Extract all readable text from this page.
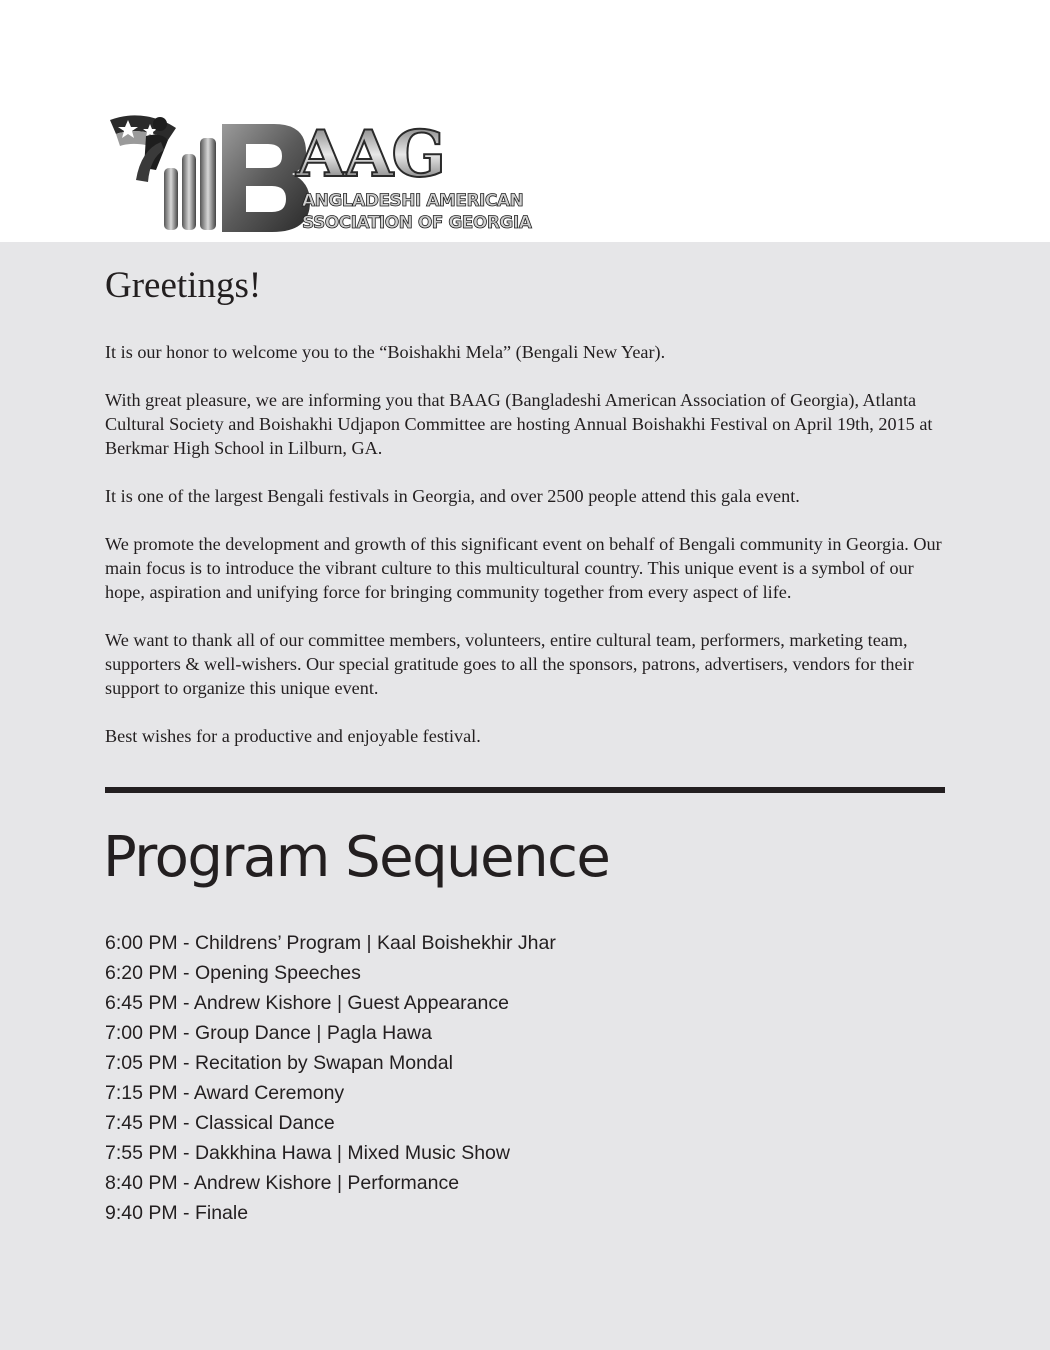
AAG
ANGLADESHI AMERICAN
SSOCIATION OF GEORGIA
Greetings!

It is our honor to welcome you to the “Boishakhi Mela” (Bengali New Year).

With great pleasure, we are informing you that BAAG (Bangladeshi American Association of Georgia), Atlanta Cultural Society and Boishakhi Udjapon Committee are hosting Annual Boishakhi Festival on April 19th, 2015 at Berkmar High School in Lilburn, GA.

It is one of the largest Bengali festivals in Georgia, and over 2500 people attend this gala event.

We promote the development and growth of this significant event on behalf of Bengali community in Georgia. Our main focus is to introduce the vibrant culture to this multicultural country. This unique event is a symbol of our hope, aspiration and unifying force for bringing community together from every aspect of life.

We want to thank all of our committee members, volunteers, entire cultural team, performers, marketing team, supporters & well-wishers. Our special gratitude goes to all the sponsors, patrons, advertisers, vendors for their support to organize this unique event.

Best wishes for a productive and enjoyable festival.

Program Sequence
6:00 PM - Childrens’ Program | Kaal Boishekhir Jhar
6:20 PM - Opening Speeches
6:45 PM - Andrew Kishore | Guest Appearance
7:00 PM - Group Dance | Pagla Hawa
7:05 PM - Recitation by Swapan Mondal
7:15 PM - Award Ceremony
7:45 PM - Classical Dance
7:55 PM - Dakkhina Hawa | Mixed Music Show
8:40 PM - Andrew Kishore | Performance
9:40 PM - Finale
